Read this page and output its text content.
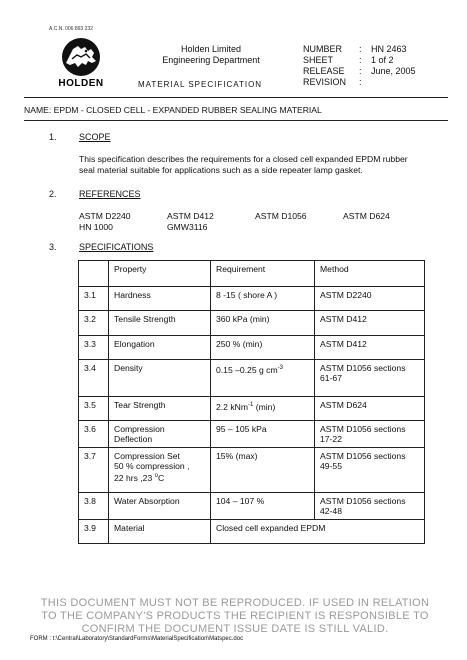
A.C.N. 006 893 232
HOLDEN
Holden Limited
Engineering Department
MATERIAL SPECIFICATION
NUMBER	:	HN 2463
SHEET	:	1 of 2
RELEASE	:	June, 2005
REVISION	:
NAME: EPDM - CLOSED CELL - EXPANDED RUBBER SEALING MATERIAL
1. SCOPE
This specification describes the requirements for a closed cell expanded EPDM rubber seal material suitable for applications such as a side repeater lamp gasket.
2. REFERENCES
ASTM D2240	ASTM D412	ASTM D1056	ASTM D624
HN 1000	GMW3116
3. SPECIFICATIONS
	Property	Requirement	Method
3.1	Hardness	8 -15 ( shore A )	ASTM D2240
3.2	Tensile Strength	360 kPa (min)	ASTM D412
3.3	Elongation	250 % (min)	ASTM D412
3.4	Density	0.15 –0.25 g $cm^{-3}$	ASTM D1056 sections 61-67
3.5	Tear Strength	2.2 kNm$^{-1}$ (min)	ASTM D624
3.6	Compression Deflection	95 – 105 kPa	ASTM D1056 sections 17-22
3.7	Compression Set
50 % compression ,
22 hrs ,23 $^o$C	15% (max)	ASTM D1056 sections 49-55
3.8	Water Absorption	104 – 107 %	ASTM D1056 sections 42-48
3.9	Material	Closed cell expanded EPDM	
THIS DOCUMENT MUST NOT BE REPRODUCED. IF USED IN RELATION
TO THE COMPANY'S PRODUCTS THE RECIPIENT IS RESPONSIBLE TO
CONFIRM THE DOCUMENT ISSUE DATE IS STILL VALID.
FORM : t:\Central\Laboratory\StandardForms\MaterialSpecification\Matspec.doc
